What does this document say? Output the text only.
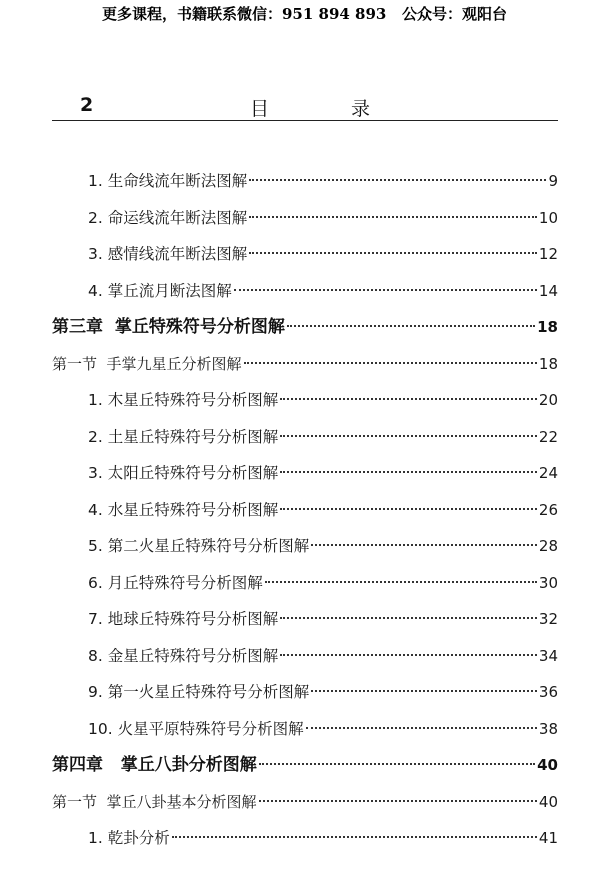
更多课程，书籍联系微信：951 894 893   公众号：观阳台
2	目录
1. 生命线流年断法图解	9
2. 命运线流年断法图解	10
3. 感情线流年断法图解	12
4. 掌丘流月断法图解	14
第三章  掌丘特殊符号分析图解	18
第一节  手掌九星丘分析图解	18
1. 木星丘特殊符号分析图解	20
2. 土星丘特殊符号分析图解	22
3. 太阳丘特殊符号分析图解	24
4. 水星丘特殊符号分析图解	26
5. 第二火星丘特殊符号分析图解	28
6. 月丘特殊符号分析图解	30
7. 地球丘特殊符号分析图解	32
8. 金星丘特殊符号分析图解	34
9. 第一火星丘特殊符号分析图解	36
10. 火星平原特殊符号分析图解	38
第四章   掌丘八卦分析图解	40
第一节  掌丘八卦基本分析图解	40
1. 乾卦分析	41
